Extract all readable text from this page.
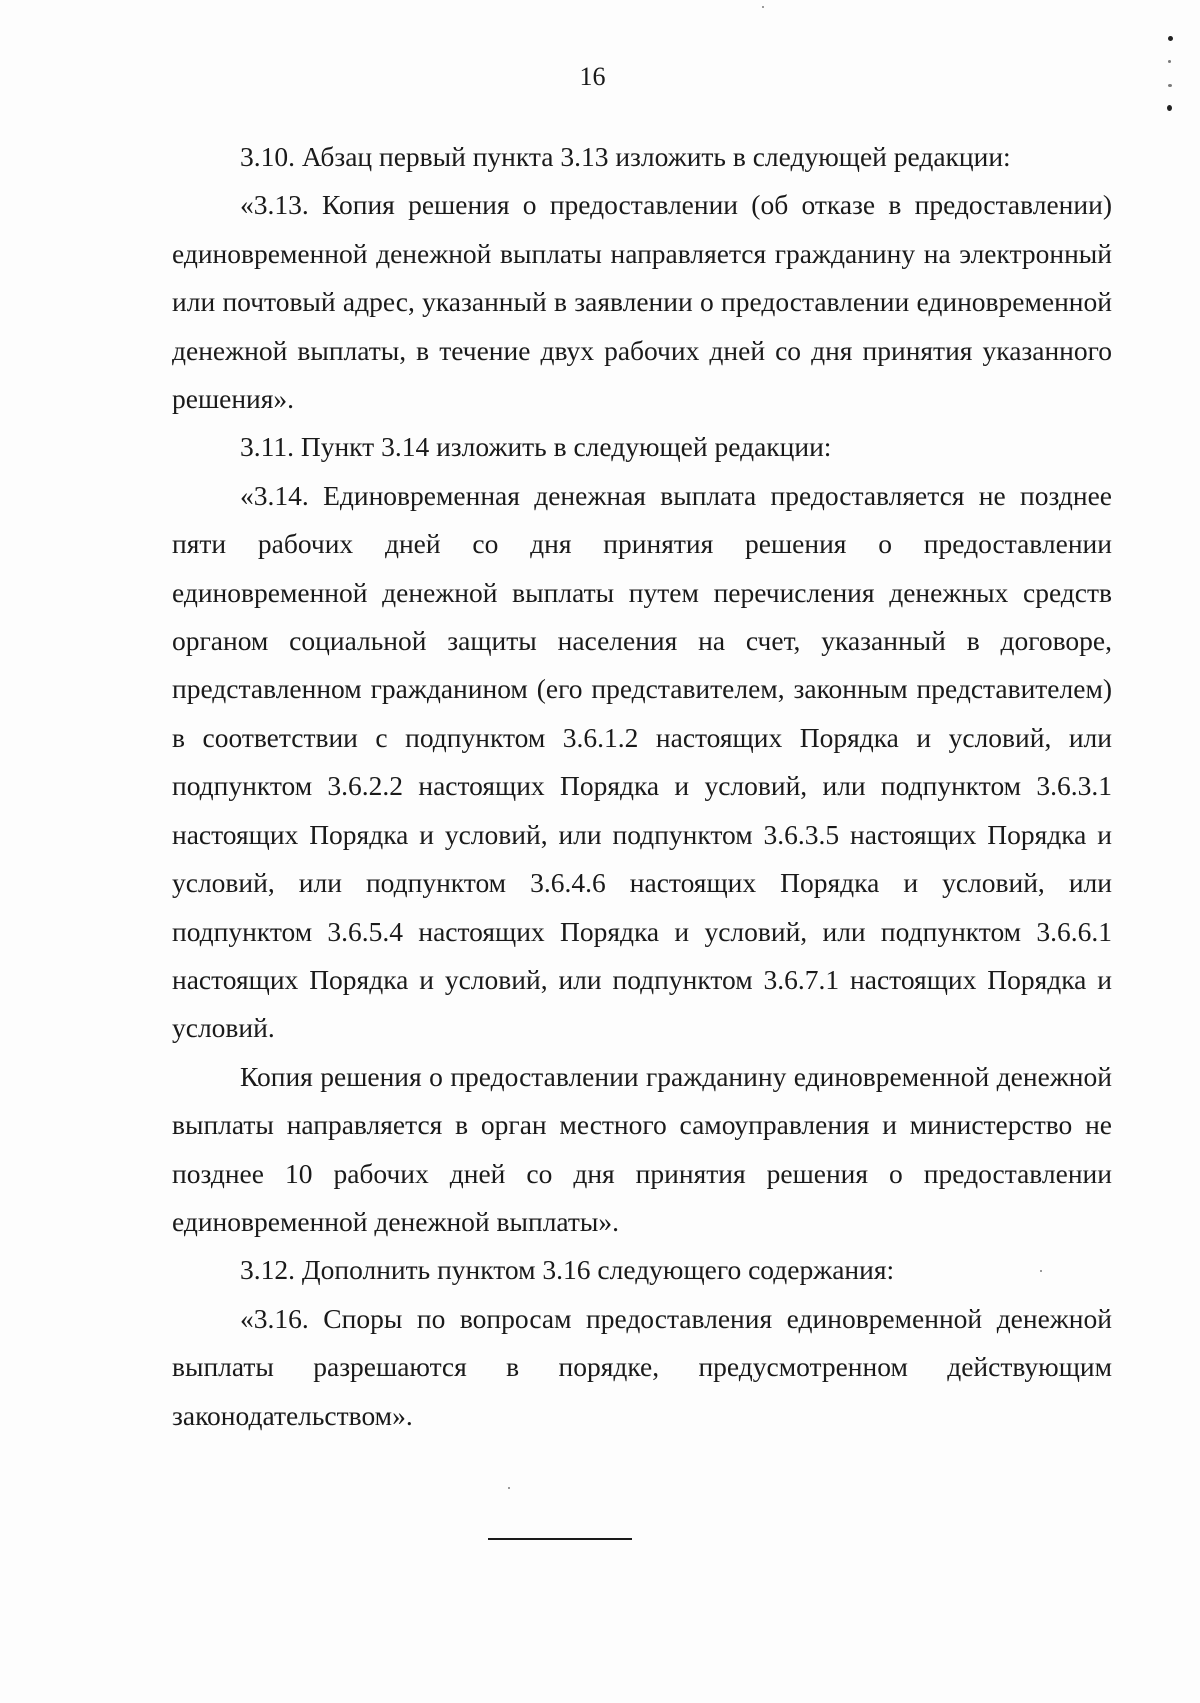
16

3.10. Абзац первый пункта 3.13 изложить в следующей редакции:

«3.13. Копия решения о предоставлении (об отказе в предоставлении) единовременной денежной выплаты направляется гражданину на электронный или почтовый адрес, указанный в заявлении о предоставлении единовременной денежной выплаты, в течение двух рабочих дней со дня принятия указанного решения».

3.11. Пункт 3.14 изложить в следующей редакции:

«3.14. Единовременная денежная выплата предоставляется не позднее пяти рабочих дней со дня принятия решения о предоставлении единовременной денежной выплаты путем перечисления денежных средств органом социальной защиты населения на счет, указанный в договоре, представленном гражданином (его представителем, законным представителем) в соответствии с подпунктом 3.6.1.2 настоящих Порядка и условий, или подпунктом 3.6.2.2 настоящих Порядка и условий, или подпунктом 3.6.3.1 настоящих Порядка и условий, или подпунктом 3.6.3.5 настоящих Порядка и условий, или подпунктом 3.6.4.6 настоящих Порядка и условий, или подпунктом 3.6.5.4 настоящих Порядка и условий, или подпунктом 3.6.6.1 настоящих Порядка и условий, или подпунктом 3.6.7.1 настоящих Порядка и условий.

Копия решения о предоставлении гражданину единовременной денежной выплаты направляется в орган местного самоуправления и министерство не позднее 10 рабочих дней со дня принятия решения о предоставлении единовременной денежной выплаты».

3.12. Дополнить пунктом 3.16 следующего содержания:

«3.16. Споры по вопросам предоставления единовременной денежной выплаты разрешаются в порядке, предусмотренном действующим законодательством».
